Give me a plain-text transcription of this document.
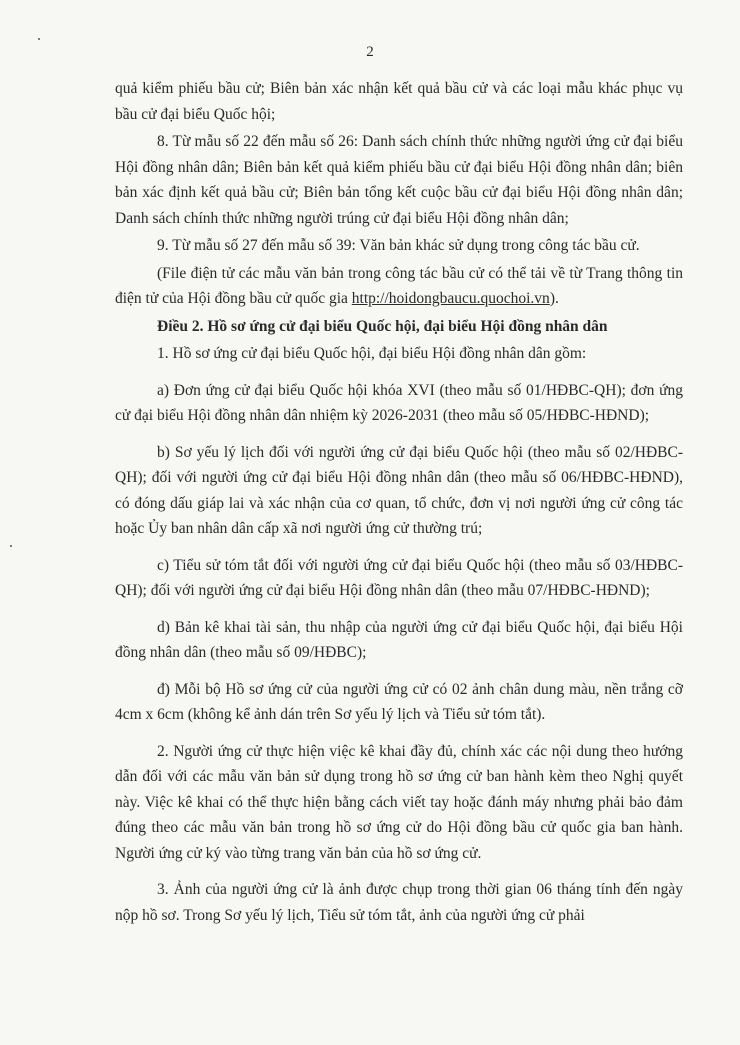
2

quả kiểm phiếu bầu cử; Biên bản xác nhận kết quả bầu cử và các loại mẫu khác phục vụ bầu cử đại biểu Quốc hội;

8. Từ mẫu số 22 đến mẫu số 26: Danh sách chính thức những người ứng cử đại biểu Hội đồng nhân dân; Biên bản kết quả kiểm phiếu bầu cử đại biểu Hội đồng nhân dân; biên bản xác định kết quả bầu cử; Biên bản tổng kết cuộc bầu cử đại biểu Hội đồng nhân dân; Danh sách chính thức những người trúng cử đại biểu Hội đồng nhân dân;

9. Từ mẫu số 27 đến mẫu số 39: Văn bản khác sử dụng trong công tác bầu cử.

(File điện tử các mẫu văn bản trong công tác bầu cử có thể tải về từ Trang thông tin điện tử của Hội đồng bầu cử quốc gia http://hoidongbaucu.quochoi.vn).

Điều 2. Hồ sơ ứng cử đại biểu Quốc hội, đại biểu Hội đồng nhân dân

1. Hồ sơ ứng cử đại biểu Quốc hội, đại biểu Hội đồng nhân dân gồm:

a) Đơn ứng cử đại biểu Quốc hội khóa XVI (theo mẫu số 01/HĐBC-QH); đơn ứng cử đại biểu Hội đồng nhân dân nhiệm kỳ 2026-2031 (theo mẫu số 05/HĐBC-HĐND);

b) Sơ yếu lý lịch đối với người ứng cử đại biểu Quốc hội (theo mẫu số 02/HĐBC-QH); đối với người ứng cử đại biểu Hội đồng nhân dân (theo mẫu số 06/HĐBC-HĐND), có đóng dấu giáp lai và xác nhận của cơ quan, tổ chức, đơn vị nơi người ứng cử công tác hoặc Ủy ban nhân dân cấp xã nơi người ứng cử thường trú;

c) Tiểu sử tóm tắt đối với người ứng cử đại biểu Quốc hội (theo mẫu số 03/HĐBC-QH); đối với người ứng cử đại biểu Hội đồng nhân dân (theo mẫu 07/HĐBC-HĐND);

d) Bản kê khai tài sản, thu nhập của người ứng cử đại biểu Quốc hội, đại biểu Hội đồng nhân dân (theo mẫu số 09/HĐBC);

đ) Mỗi bộ Hồ sơ ứng cử của người ứng cử có 02 ảnh chân dung màu, nền trắng cỡ 4cm x 6cm (không kể ảnh dán trên Sơ yếu lý lịch và Tiểu sử tóm tắt).

2. Người ứng cử thực hiện việc kê khai đầy đủ, chính xác các nội dung theo hướng dẫn đối với các mẫu văn bản sử dụng trong hồ sơ ứng cử ban hành kèm theo Nghị quyết này. Việc kê khai có thể thực hiện bằng cách viết tay hoặc đánh máy nhưng phải bảo đảm đúng theo các mẫu văn bản trong hồ sơ ứng cử do Hội đồng bầu cử quốc gia ban hành. Người ứng cử ký vào từng trang văn bản của hồ sơ ứng cử.

3. Ảnh của người ứng cử là ảnh được chụp trong thời gian 06 tháng tính đến ngày nộp hồ sơ. Trong Sơ yếu lý lịch, Tiểu sử tóm tắt, ảnh của người ứng cử phải
